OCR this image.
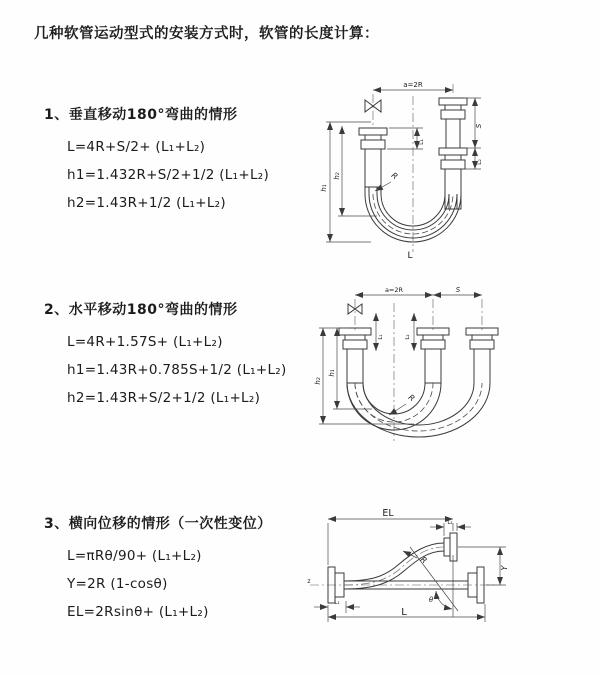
几种软管运动型式的安装方式时，软管的长度计算：
1、垂直移动180°弯曲的情形
L=4R+S/2+ (L₁+L₂)
h1=1.432R+S/2+1/2 (L₁+L₂)
h2=1.43R+1/2 (L₁+L₂)
a=2R
h₁
h₂
L₁
S
L₂
R
L
2、水平移动180°弯曲的情形
L=4R+1.57S+ (L₁+L₂)
h1=1.43R+0.785S+1/2 (L₁+L₂)
h2=1.43R+S/2+1/2 (L₁+L₂)
a=2R	S
h₂
h₁
L₁	L₂
R
3、横向位移的情形（一次性变位）
L=πRθ/90+ (L₁+L₂)
Y=2R (1-cosθ)
EL=2Rsinθ+ (L₁+L₂)
z
EL
L₂
Y
L
L₁
R
θ
